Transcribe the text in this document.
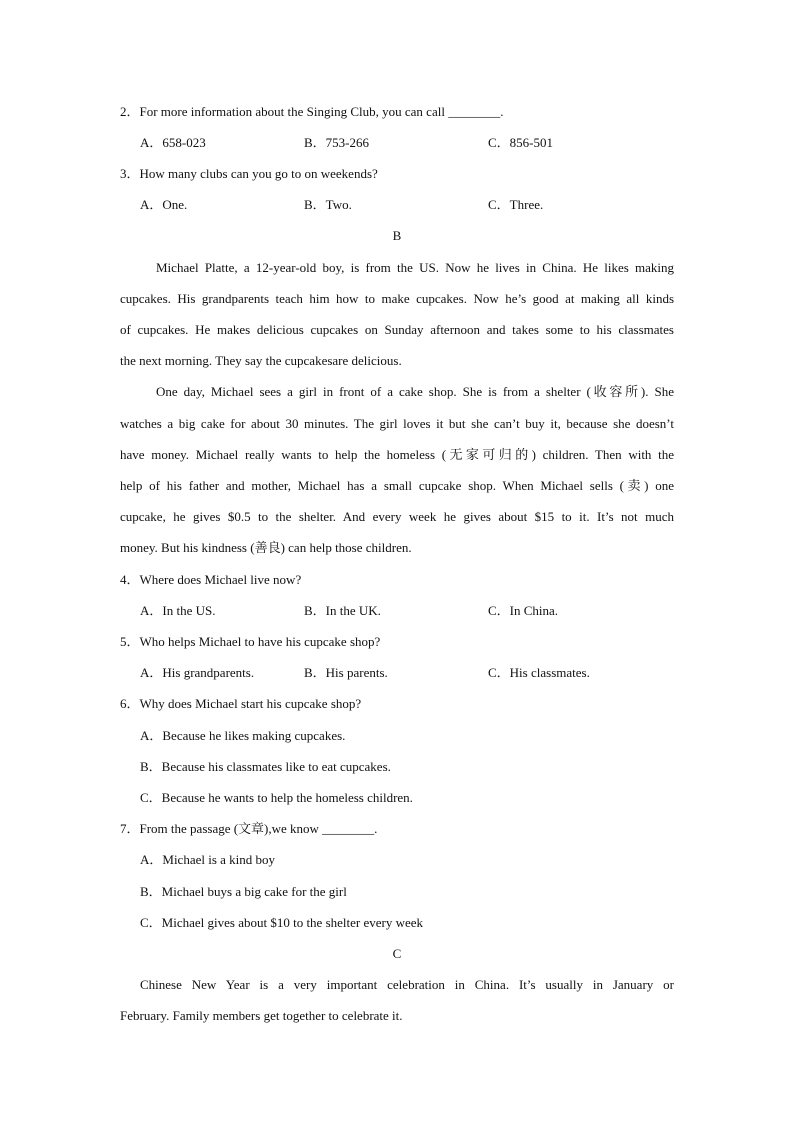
2．For more information about the Singing Club, you can call ________.
A．658-023	B．753-266	C．856-501
3．How many clubs can you go to on weekends?
A．One.	B．Two.	C．Three.
B
Michael Platte, a 12-year-old boy, is from the US. Now he lives in China. He likes making
cupcakes. His grandparents teach him how to make cupcakes. Now he’s good at making all kinds
of cupcakes. He makes delicious cupcakes on Sunday afternoon and takes some to his classmates
the next morning. They say the cupcakesare delicious.
One day, Michael sees a girl in front of a cake shop. She is from a shelter (收容所). She
watches a big cake for about 30 minutes. The girl loves it but she can’t buy it, because she doesn’t
have money. Michael really wants to help the homeless (无家可归的) children. Then with the
help of his father and mother, Michael has a small cupcake shop. When Michael sells (卖) one
cupcake, he gives $0.5 to the shelter. And every week he gives about $15 to it. It’s not much
money. But his kindness (善良) can help those children.
4．Where does Michael live now?
A．In the US.	B．In the UK.	C．In China.
5．Who helps Michael to have his cupcake shop?
A．His grandparents.	B．His parents.	C．His classmates.
6．Why does Michael start his cupcake shop?
A．Because he likes making cupcakes.
B．Because his classmates like to eat cupcakes.
C．Because he wants to help the homeless children.
7．From the passage (文章),we know ________.
A．Michael is a kind boy
B．Michael buys a big cake for the girl
C．Michael gives about $10 to the shelter every week
C
Chinese New Year is a very important celebration in China. It’s usually in January or
February. Family members get together to celebrate it.
